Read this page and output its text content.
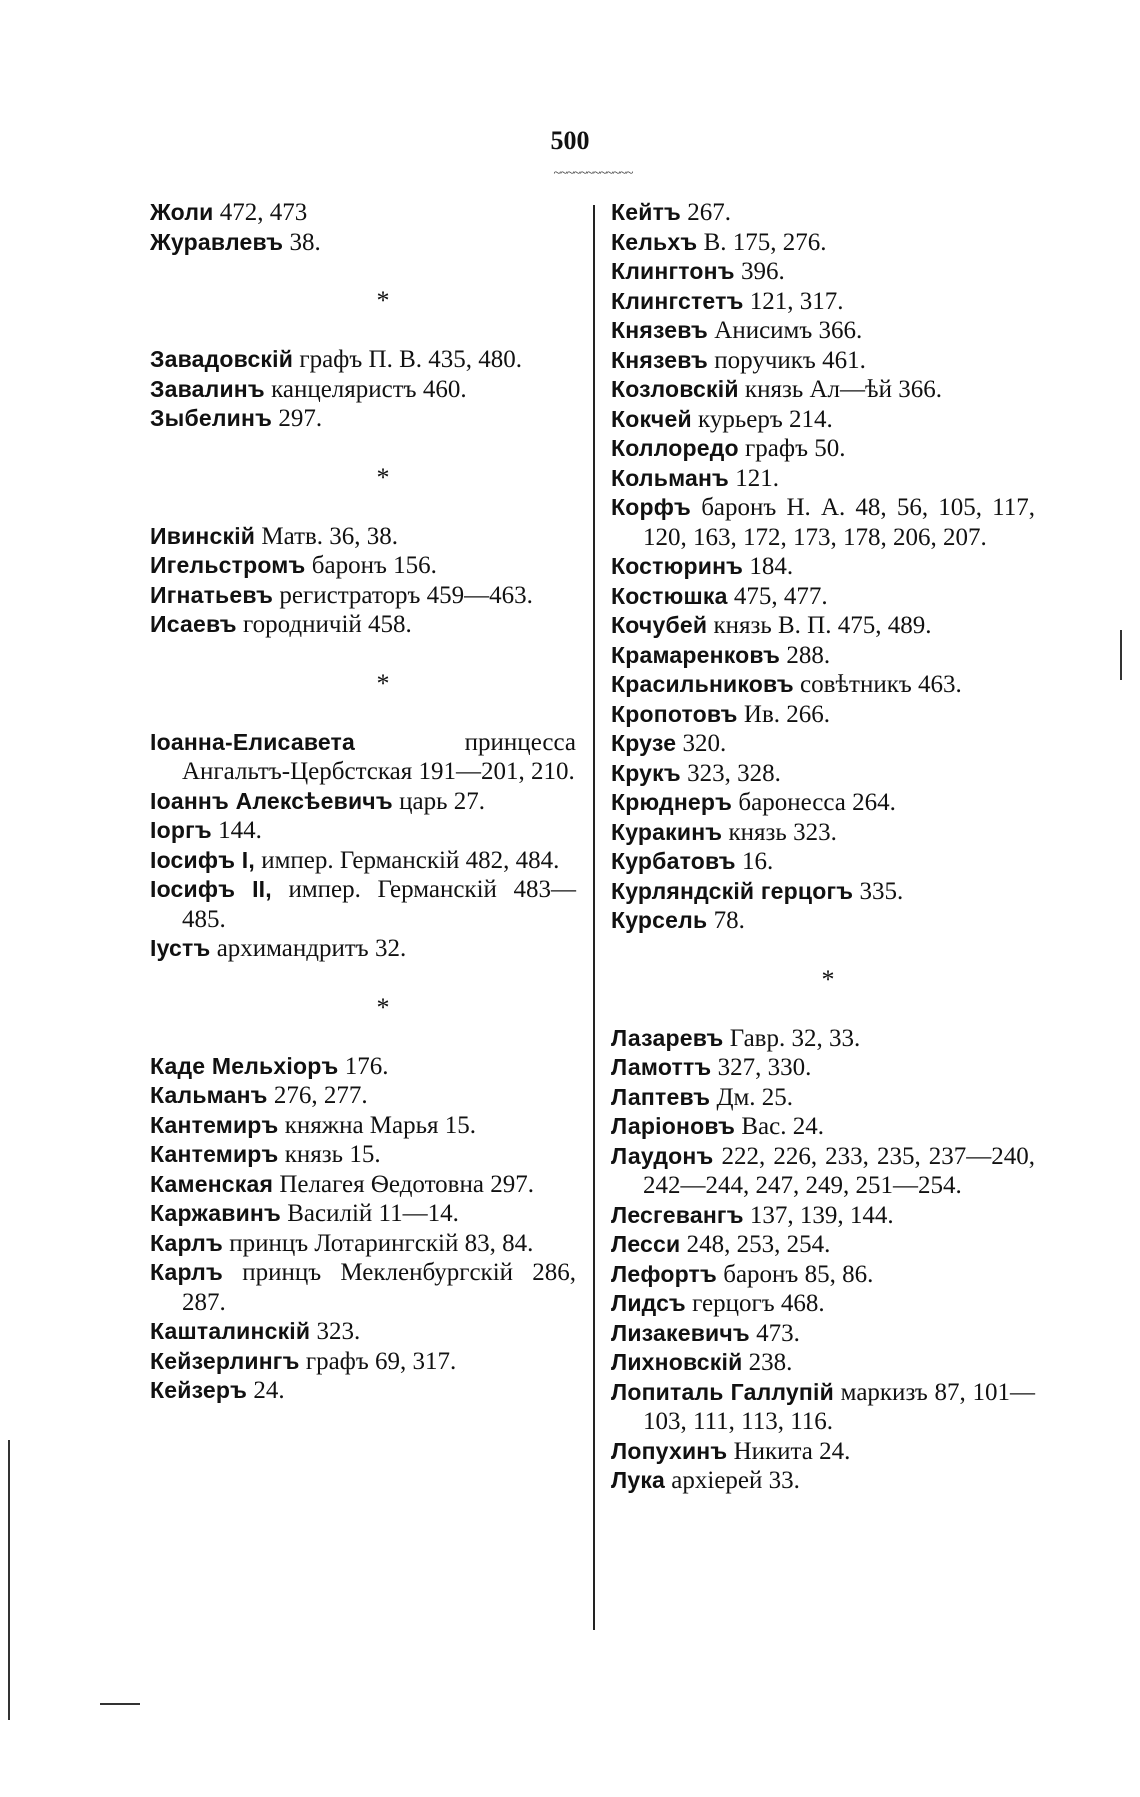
500
~~~~~~~~~~~~
Жоли 472, 473
Журавлевъ 38.
*
Завадовскій графъ П. В. 435, 480.
Завалинъ канцеляристъ 460.
Зыбелинъ 297.
*
Ивинскій Матв. 36, 38.
Игельстромъ баронъ 156.
Игнатьевъ регистраторъ 459—463.
Исаевъ городничій 458.
*
Іоанна-Елисавета принцесса Ангальтъ-Цербстская 191—201, 210.
Іоаннъ Алексѣевичъ царь 27.
Іоргъ 144.
Іосифъ I, импер. Германскій 482, 484.
Іосифъ II, импер. Германскій 483—485.
Іустъ архимандритъ 32.
*
Каде Мельхіоръ 176.
Кальманъ 276, 277.
Кантемиръ княжна Марья 15.
Кантемиръ князь 15.
Каменская Пелагея Ѳедотовна 297.
Каржавинъ Василій 11—14.
Карлъ принцъ Лотарингскій 83, 84.
Карлъ принцъ Мекленбургскій 286, 287.
Кашталинскій 323.
Кейзерлингъ графъ 69, 317.
Кейзеръ 24.
Кейтъ 267.
Кельхъ В. 175, 276.
Клингтонъ 396.
Клингстетъ 121, 317.
Князевъ Анисимъ 366.
Князевъ поручикъ 461.
Козловскій князь Ал—ѣй 366.
Кокчей курьеръ 214.
Коллоредо графъ 50.
Кольманъ 121.
Корфъ баронъ Н. А. 48, 56, 105, 117, 120, 163, 172, 173, 178, 206, 207.
Костюринъ 184.
Костюшка 475, 477.
Кочубей князь В. П. 475, 489.
Крамаренковъ 288.
Красильниковъ совѣтникъ 463.
Кропотовъ Ив. 266.
Крузе 320.
Крукъ 323, 328.
Крюднеръ баронесса 264.
Куракинъ князь 323.
Курбатовъ 16.
Курляндскій герцогъ 335.
Курсель 78.
*
Лазаревъ Гавр. 32, 33.
Ламоттъ 327, 330.
Лаптевъ Дм. 25.
Ларіоновъ Вас. 24.
Лаудонъ 222, 226, 233, 235, 237—240, 242—244, 247, 249, 251—254.
Лесгевангъ 137, 139, 144.
Лесси 248, 253, 254.
Лефортъ баронъ 85, 86.
Лидсъ герцогъ 468.
Лизакевичъ 473.
Лихновскій 238.
Лопиталь Галлупій маркизъ 87, 101—103, 111, 113, 116.
Лопухинъ Никита 24.
Лука архіерей 33.
